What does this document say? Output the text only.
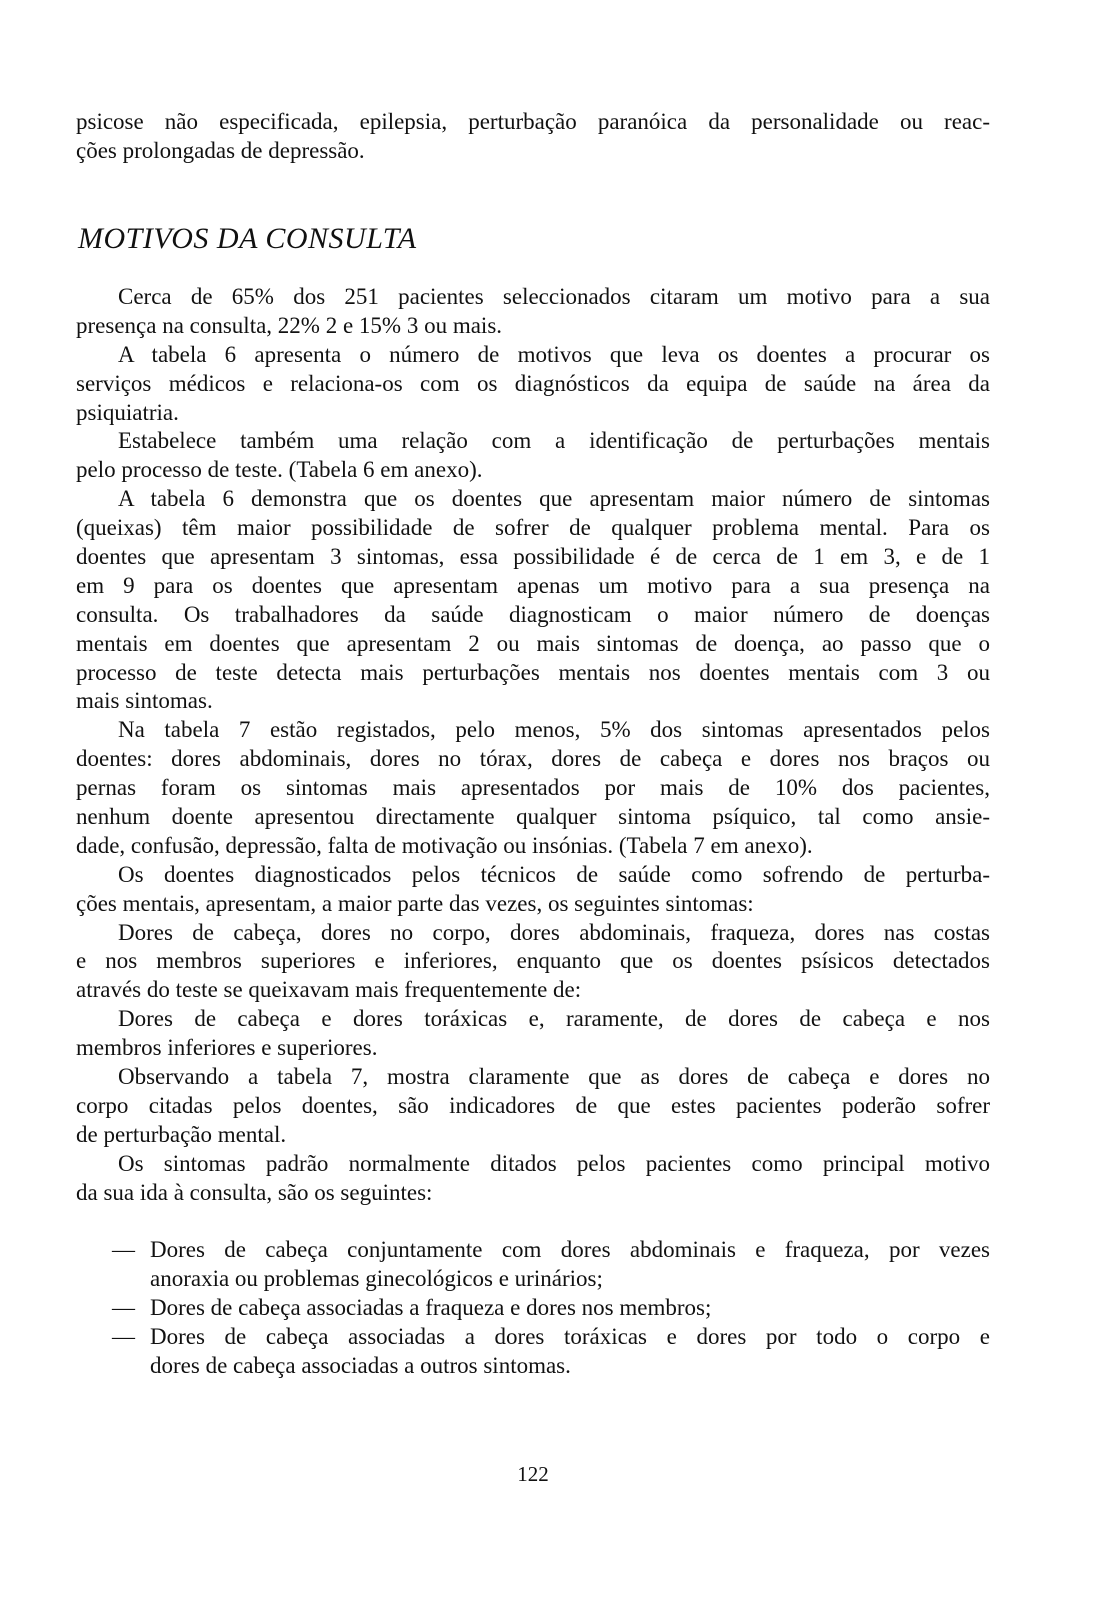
psicose não especificada, epilepsia, perturbação paranóica da personalidade ou reac-
ções prolongadas de depressão.
MOTIVOS DA CONSULTA
Cerca de 65% dos 251 pacientes seleccionados citaram um motivo para a sua
presença na consulta, 22% 2 e 15% 3 ou mais.
A tabela 6 apresenta o número de motivos que leva os doentes a procurar os
serviços médicos e relaciona-os com os diagnósticos da equipa de saúde na área da
psiquiatria.
Estabelece também uma relação com a identificação de perturbações mentais
pelo processo de teste. (Tabela 6 em anexo).
A tabela 6 demonstra que os doentes que apresentam maior número de sintomas
(queixas) têm maior possibilidade de sofrer de qualquer problema mental. Para os
doentes que apresentam 3 sintomas, essa possibilidade é de cerca de 1 em 3, e de 1
em 9 para os doentes que apresentam apenas um motivo para a sua presença na
consulta. Os trabalhadores da saúde diagnosticam o maior número de doenças
mentais em doentes que apresentam 2 ou mais sintomas de doença, ao passo que o
processo de teste detecta mais perturbações mentais nos doentes mentais com 3 ou
mais sintomas.
Na tabela 7 estão registados, pelo menos, 5% dos sintomas apresentados pelos
doentes: dores abdominais, dores no tórax, dores de cabeça e dores nos braços ou
pernas foram os sintomas mais apresentados por mais de 10% dos pacientes,
nenhum doente apresentou directamente qualquer sintoma psíquico, tal como ansie-
dade, confusão, depressão, falta de motivação ou insónias. (Tabela 7 em anexo).
Os doentes diagnosticados pelos técnicos de saúde como sofrendo de perturba-
ções mentais, apresentam, a maior parte das vezes, os seguintes sintomas:
Dores de cabeça, dores no corpo, dores abdominais, fraqueza, dores nas costas
e nos membros superiores e inferiores, enquanto que os doentes psísicos detectados
através do teste se queixavam mais frequentemente de:
Dores de cabeça e dores toráxicas e, raramente, de dores de cabeça e nos
membros inferiores e superiores.
Observando a tabela 7, mostra claramente que as dores de cabeça e dores no
corpo citadas pelos doentes, são indicadores de que estes pacientes poderão sofrer
de perturbação mental.
Os sintomas padrão normalmente ditados pelos pacientes como principal motivo
da sua ida à consulta, são os seguintes:
— Dores de cabeça conjuntamente com dores abdominais e fraqueza, por vezes
anoraxia ou problemas ginecológicos e urinários;
— Dores de cabeça associadas a fraqueza e dores nos membros;
— Dores de cabeça associadas a dores toráxicas e dores por todo o corpo e
dores de cabeça associadas a outros sintomas.
122
